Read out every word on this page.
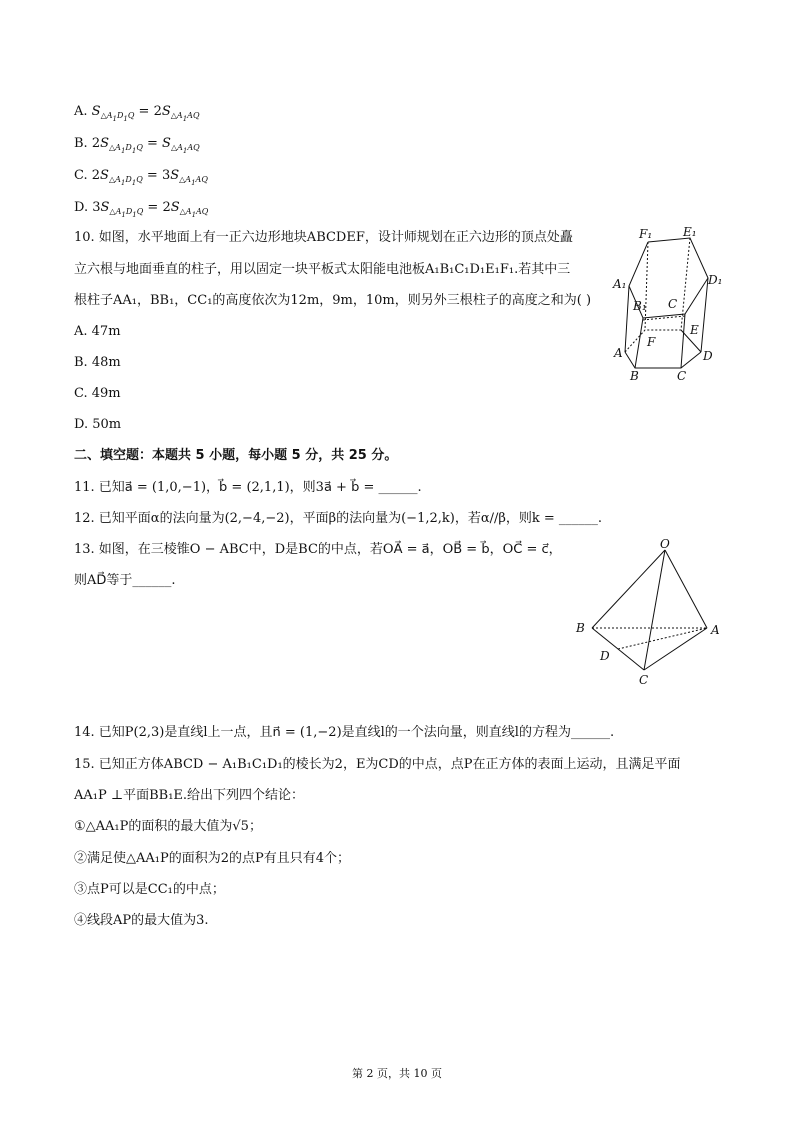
A. $S_{\triangle A_1D_1Q} = 2S_{\triangle A_1AQ}$
B. $2S_{\triangle A_1D_1Q} = S_{\triangle A_1AQ}$
C. $2S_{\triangle A_1D_1Q} = 3S_{\triangle A_1AQ}$
D. $3S_{\triangle A_1D_1Q} = 2S_{\triangle A_1AQ}$
10. 如图，水平地面上有一正六边形地块ABCDEF，设计师规划在正六边形的顶点处矗
立六根与地面垂直的柱子，用以固定一块平板式太阳能电池板A₁B₁C₁D₁E₁F₁.若其中三
根柱子AA₁，BB₁，CC₁的高度依次为12m，9m，10m，则另外三根柱子的高度之和为( )
A. 47m
B. 48m
C. 49m
D. 50m
F₁	E₁
A₁	D₁
B₁ C
F
E
A	D
B	C
二、填空题：本题共 5 小题，每小题 5 分，共 25 分。
11. 已知a⃗ = (1,0,−1)，b⃗ = (2,1,1)，则3a⃗ + b⃗ = ______.
12. 已知平面α的法向量为(2,−4,−2)，平面β的法向量为(−1,2,k)，若α//β，则k = ______.
13. 如图，在三棱锥O − ABC中，D是BC的中点，若OA⃗ = a⃗，OB⃗ = b⃗，OC⃗ = c⃗，
则AD⃗等于______.
O
B	A
D
C
14. 已知P(2,3)是直线l上一点，且n⃗ = (1,−2)是直线l的一个法向量，则直线l的方程为______.
15. 已知正方体ABCD − A₁B₁C₁D₁的棱长为2，E为CD的中点，点P在正方体的表面上运动，且满足平面
AA₁P ⊥平面BB₁E.给出下列四个结论：
①△AA₁P的面积的最大值为√5；
②满足使△AA₁P的面积为2的点P有且只有4个；
③点P可以是CC₁的中点；
④线段AP的最大值为3.
第 2 页，共 10 页
